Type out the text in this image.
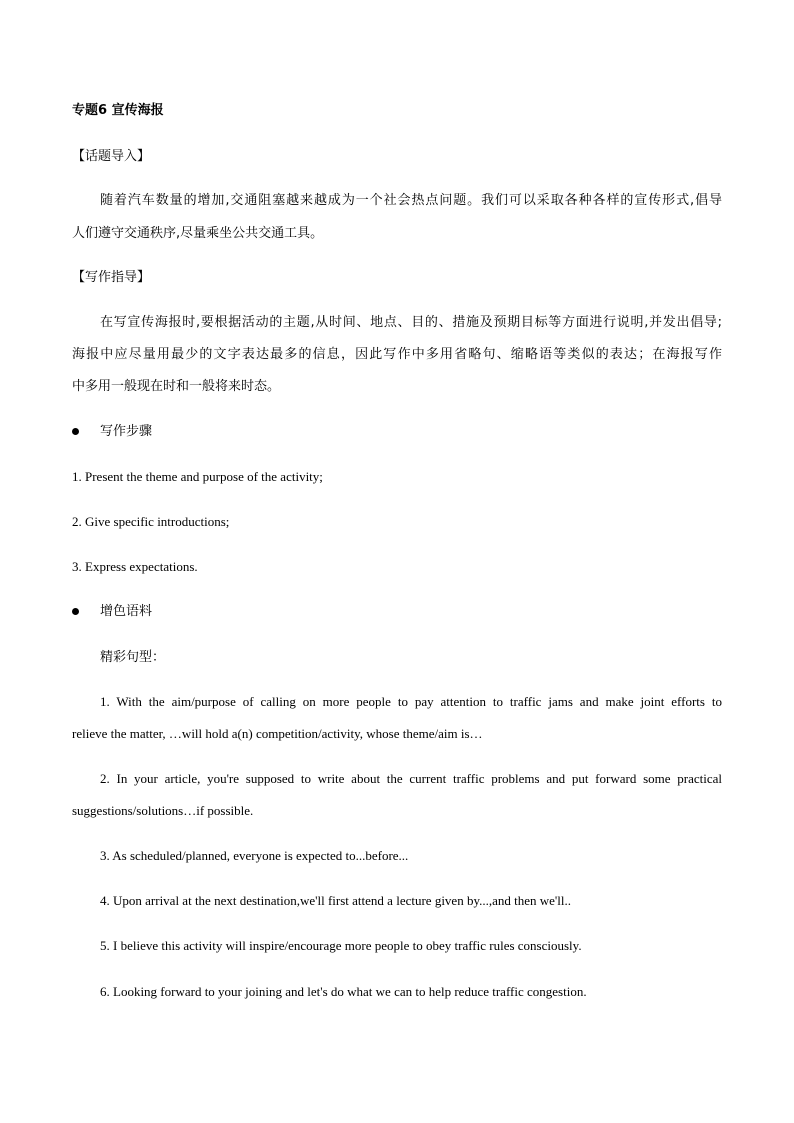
专题6 宣传海报
【话题导入】
随着汽车数量的增加,交通阻塞越来越成为一个社会热点问题。我们可以采取各种各样的宣传形式,倡导
人们遵守交通秩序,尽量乘坐公共交通工具。
【写作指导】
在写宣传海报时,要根据活动的主题,从时间、地点、目的、措施及预期目标等方面进行说明,并发出倡导;
海报中应尽量用最少的文字表达最多的信息，因此写作中多用省略句、缩略语等类似的表达；在海报写作
中多用一般现在时和一般将来时态。
写作步骤
1. Present the theme and purpose of the activity;
2. Give specific introductions;
3. Express expectations.
增色语料
精彩句型：
1. With the aim/purpose of calling on more people to pay attention to traffic jams and make joint efforts to
relieve the matter, …will hold a(n) competition/activity, whose theme/aim is…
2. In your article, you're supposed to write about the current traffic problems and put forward some practical
suggestions/solutions…if possible.
3. As scheduled/planned, everyone is expected to...before...
4. Upon arrival at the next destination,we'll first attend a lecture given by...,and then we'll..
5. I believe this activity will inspire/encourage more people to obey traffic rules consciously.
6. Looking forward to your joining and let's do what we can to help reduce traffic congestion.
